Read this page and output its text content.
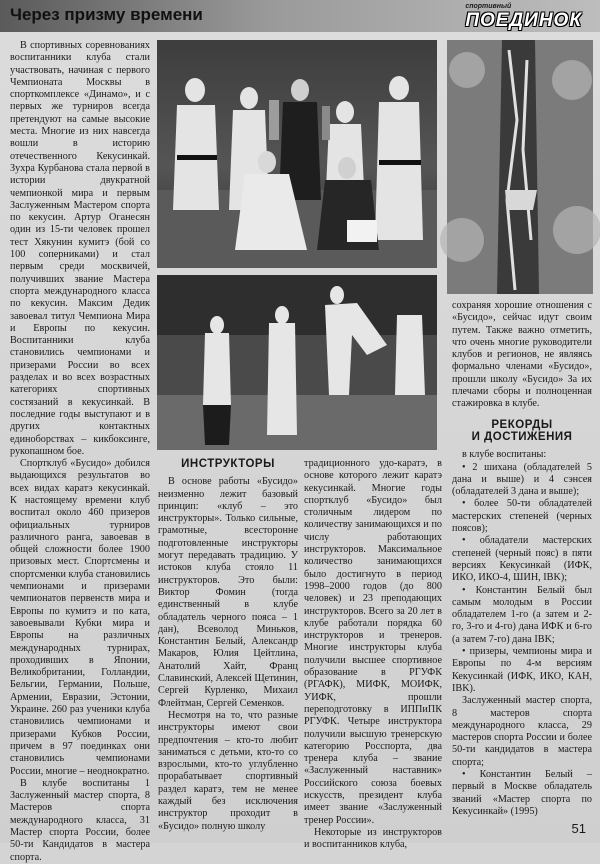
Через призму времени	спортивный
ПОЕДИНОК

В спортивных соревнованиях воспитанники клуба стали участвовать, начиная с первого Чемпионата Москвы в спорткомплексе «Динамо», и с первых же турниров всегда претендуют на самые высокие места. Многие из них навсегда вошли в историю отечественного Кекусинкай. Зухра Курбанова стала первой в истории двукратной чемпионкой мира и первым Заслуженным Мастером спорта по кекусин. Артур Оганесян один из 15-ти человек прошел тест Хякунин кумитэ (бой со 100 соперниками) и стал первым среди москвичей, получивших звание Мастера спорта международного класса по кекусин. Максим Дедик завоевал титул Чемпиона Мира и Европы по кекусин. Воспитанники клуба становились чемпионами и призерами России во всех разделах и во всех возрастных категориях спортивных состязаний в кекусинкай. В последние годы выступают и в других контактных единоборствах – кикбоксинге, рукопашном бое.

Спортклуб «Бусидо» добился выдающихся результатов во всех видах каратэ кекусинкай. К настоящему времени клуб воспитал около 460 призеров официальных турниров различного ранга, завоевав в общей сложности более 1900 призовых мест. Спортсмены и спортсменки клуба становились чемпионами и призерами чемпионатов первенств мира и Европы по кумитэ и по ката, завоевывали Кубки мира и Европы на различных международных турнирах, проходивших в Японии, Великобритании, Голландии, Бельгии, Германии, Польше, Армении, Евразии, Эстонии, Украине. 260 раз ученики клуба становились чемпионами и призерами Кубков России, причем в 97 поединках они становились чемпионами России, многие – неоднократно.

В клубе воспитаны 1 Заслуженный мастер спорта, 8 Мастеров спорта международного класса, 31 Мастер спорта России, более 50-ти Кандидатов в мастера спорта.

ИНСТРУКТОРЫ

В основе работы «Бусидо» неизменно лежит базовый принцип: «клуб – это инструкторы». Только сильные, грамотные, всесторонне подготовленные инструкторы могут передавать традицию. У истоков клуба стояло 11 инструкторов. Это были: Виктор Фомин (тогда единственный в клубе обладатель черного пояса – 1 дан), Всеволод Миньков, Константин Белый, Александр Макаров, Юлия Цейтлина, Анатолий Хайт, Франц Славинский, Алексей Щетинин, Сергей Курленко, Михаил Флейтман, Сергей Семенков.

Несмотря на то, что разные инструкторы имеют свои предпочтения – кто-то любит заниматься с детьми, кто-то со взрослыми, кто-то углубленно прорабатывает спортивный раздел каратэ, тем не менее каждый без исключения инструктор проходит в «Бусидо» полную школу

традиционного удо-каратэ, в основе которого лежит каратэ кекусинкай. Многие годы спортклуб «Бусидо» был столичным лидером по количеству занимающихся и по числу работающих инструкторов. Максимальное количество занимающихся было достигнуто в период 1998–2000 годов (до 800 человек) и 23 преподающих инструкторов. Всего за 20 лет в клубе работали порядка 60 инструкторов и тренеров. Многие инструкторы клуба получили высшее спортивное образование в РГУФК (РГАФК), МИФК, МОИФК, УИФК, прошли переподготовку в ИППиПК РГУФК. Четыре инструктора получили высшую тренерскую категорию Росспорта, два тренера клуба – звание «Заслуженный наставник» Российского союза боевых искусств, президент клуба имеет звание «Заслуженный тренер России».

Некоторые из инструкторов и воспитанников клуба,

сохраняя хорошие отношения с «Бусидо», сейчас идут своим путем. Также важно отметить, что очень многие руководители клубов и регионов, не являясь формально членами «Бусидо», прошли школу «Бусидо» За их плечами сборы и полноценная стажировка в клубе.

РЕКОРДЫ
И ДОСТИЖЕНИЯ

в клубе воспитаны:

• 2 шихана (обладателей 5 дана и выше) и 4 сэнсея (обладателей 3 дана и выше);

• более 50-ти обладателей мастерских степеней (черных поясов);

• обладатели мастерских степеней (черный пояс) в пяти версиях Кекусинкай (ИФК, ИКО, ИКО-4, ШИН, IBK);

• Константин Белый был самым молодым в России обладателем 1-го (а затем и 2-го, 3-го и 4-го) дана ИФК и 6-го (а затем 7-го) дана IBK;

• призеры, чемпионы мира и Европы по 4-м версиям Кекусинкай (ИФК, ИКО, КАН, IBK).

Заслуженный мастер спорта, 8 мастеров спорта международного класса, 29 мастеров спорта России и более 50-ти кандидатов в мастера спорта;

• Константин Белый – первый в Москве обладатель званий «Мастер спорта по Кекусинкай» (1995)

51
